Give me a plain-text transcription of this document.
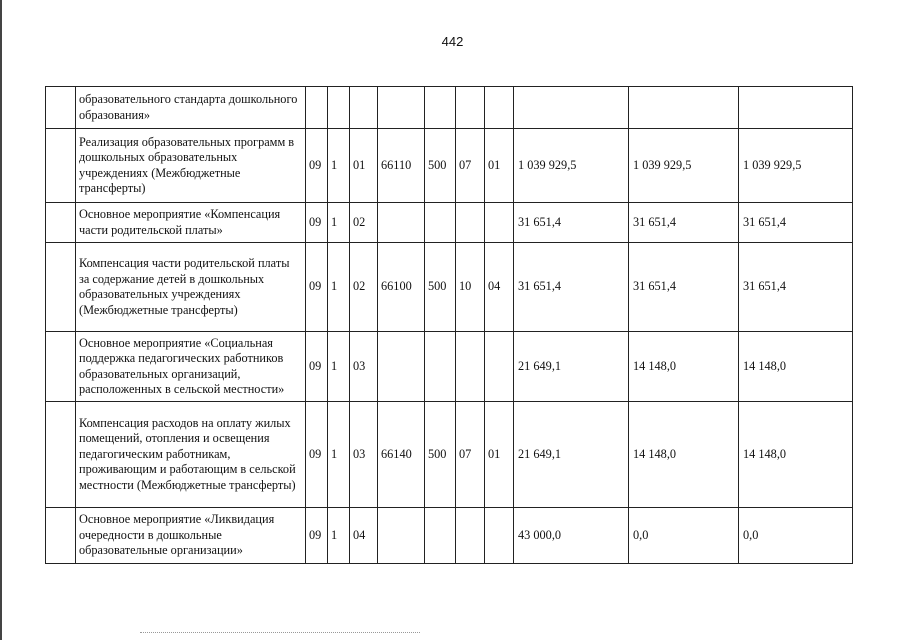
442
	образовательного стандарта дошкольного образования»										
	Реализация образовательных программ в дошкольных образовательных учреждениях (Межбюджетные трансферты)	09	1	01	66110	500	07	01	1 039 929,5	1 039 929,5	1 039 929,5
	Основное мероприятие «Компенсация части родительской платы»	09	1	02					31 651,4	31 651,4	31 651,4
	Компенсация части родительской платы за содержание детей в дошкольных образовательных учреждениях (Межбюджетные трансферты)	09	1	02	66100	500	10	04	31 651,4	31 651,4	31 651,4
	Основное мероприятие «Социальная поддержка педагогических работников образовательных организаций, расположенных в сельской местности»	09	1	03					21 649,1	14 148,0	14 148,0
	Компенсация расходов на оплату жилых помещений, отопления и освещения педагогическим работникам, проживающим и работающим в сельской местности (Межбюджетные трансферты)	09	1	03	66140	500	07	01	21 649,1	14 148,0	14 148,0
	Основное мероприятие «Ликвидация очередности в дошкольные образовательные организации»	09	1	04					43 000,0	0,0	0,0
